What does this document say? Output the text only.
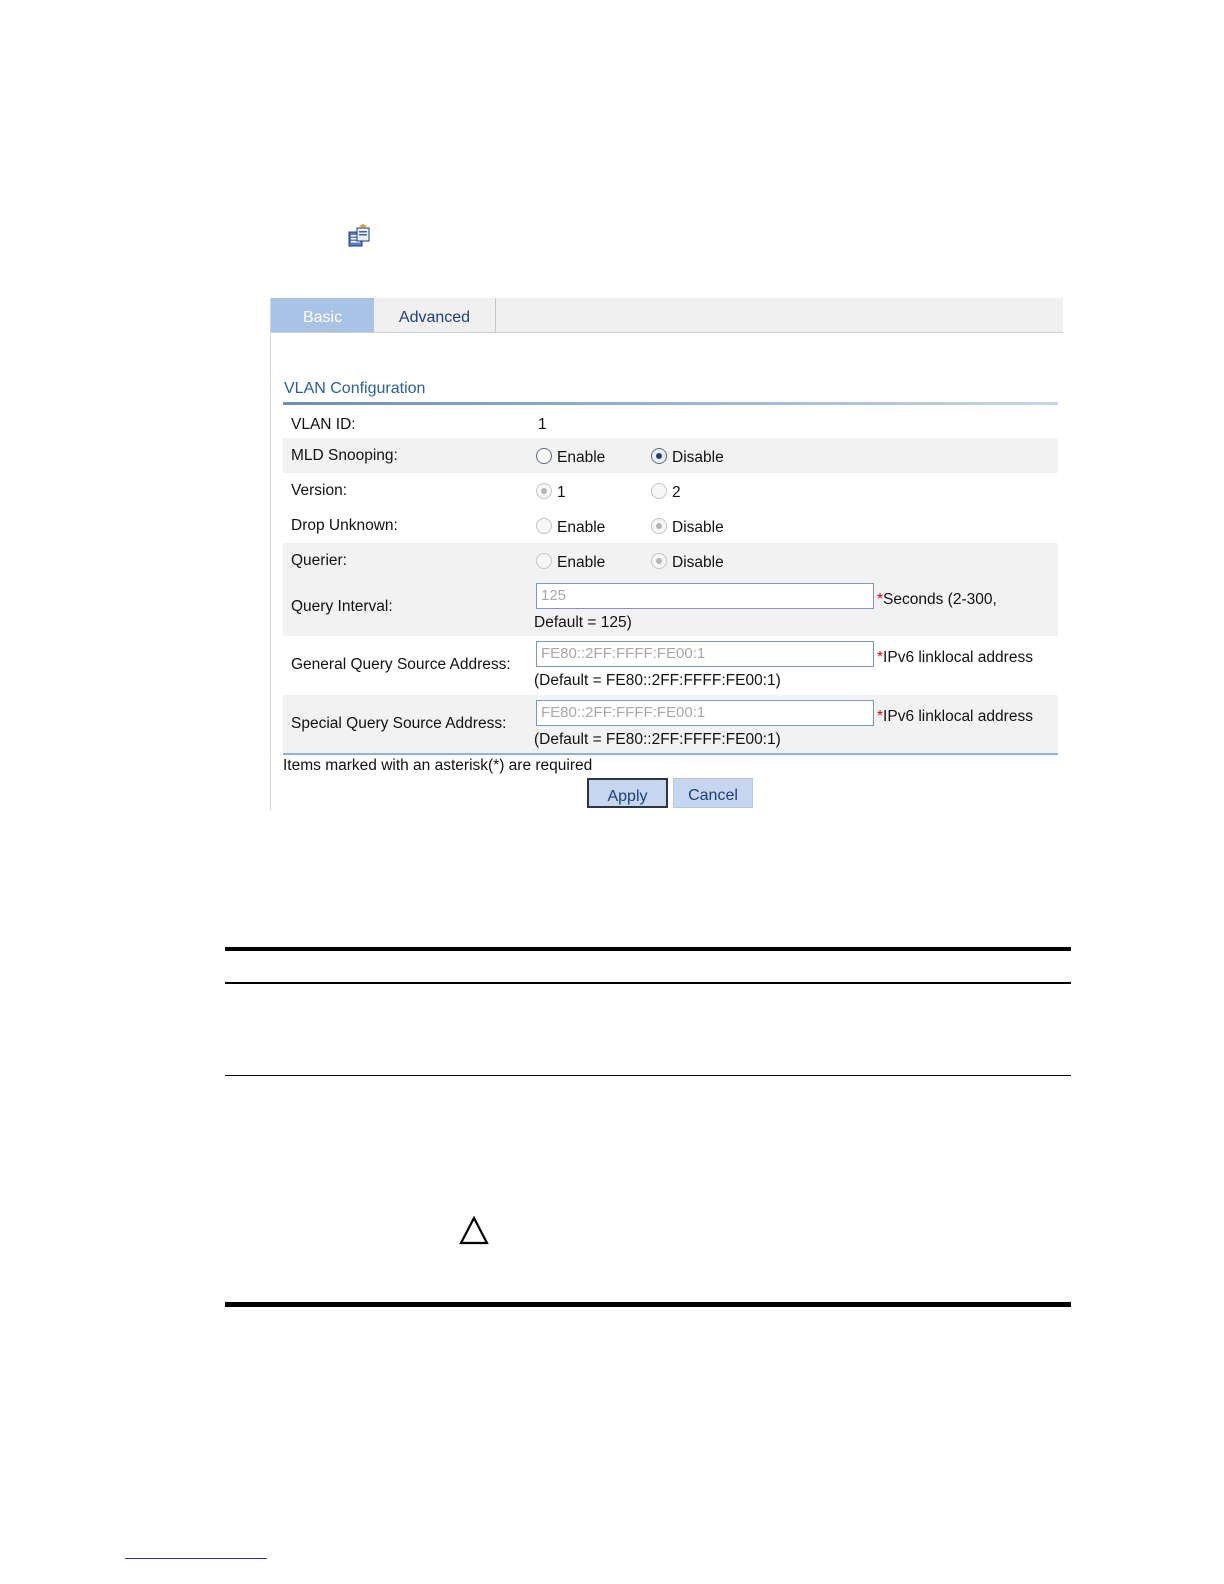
Basic	Advanced
VLAN Configuration
VLAN ID:	1
MLD Snooping:	Enable	Disable
Version:	1	2
Drop Unknown:	Enable	Disable
Querier:	Enable	Disable
Query Interval:
125	*Seconds (2-300,
Default = 125)
General Query Source Address:
FE80::2FF:FFFF:FE00:1	*IPv6 linklocal address
(Default = FE80::2FF:FFFF:FE00:1)
Special Query Source Address:
FE80::2FF:FFFF:FE00:1	*IPv6 linklocal address
(Default = FE80::2FF:FFFF:FE00:1)
Items marked with an asterisk(*) are required
Apply	Cancel
